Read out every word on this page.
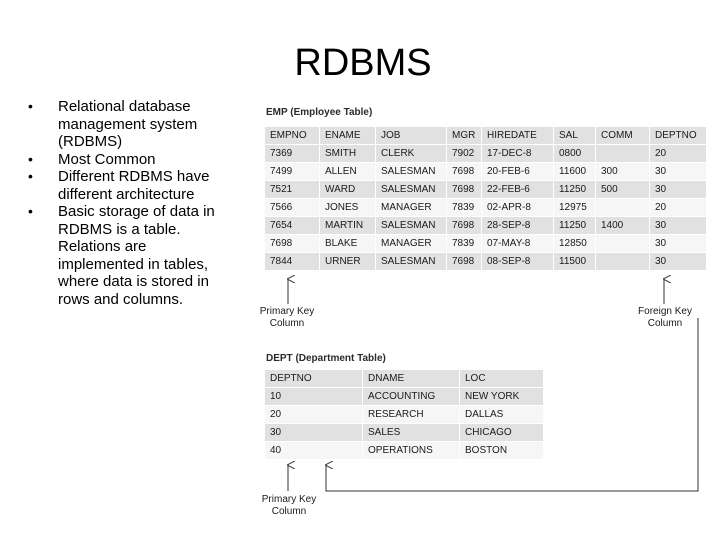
RDBMS
• Relational database management system (RDBMS)
• Most Common
• Different RDBMS have different architecture
• Basic storage of data in RDBMS is a table. Relations are implemented in tables, where data is stored in rows and columns.
EMP (Employee Table)
EMPNO	ENAME	JOB	MGR	HIREDATE	SAL	COMM	DEPTNO
7369	SMITH	CLERK	7902	17-DEC-8	0800		20
7499	ALLEN	SALESMAN	7698	20-FEB-6	11600	300	30
7521	WARD	SALESMAN	7698	22-FEB-6	11250	500	30
7566	JONES	MANAGER	7839	02-APR-8	12975		20
7654	MARTIN	SALESMAN	7698	28-SEP-8	11250	1400	30
7698	BLAKE	MANAGER	7839	07-MAY-8	12850		30
7844	URNER	SALESMAN	7698	08-SEP-8	11500		30
Primary Key Column
Foreign Key Column
DEPT (Department Table)
DEPTNO	DNAME	LOC
10	ACCOUNTING	NEW YORK
20	RESEARCH	DALLAS
30	SALES	CHICAGO
40	OPERATIONS	BOSTON
Primary Key Column
